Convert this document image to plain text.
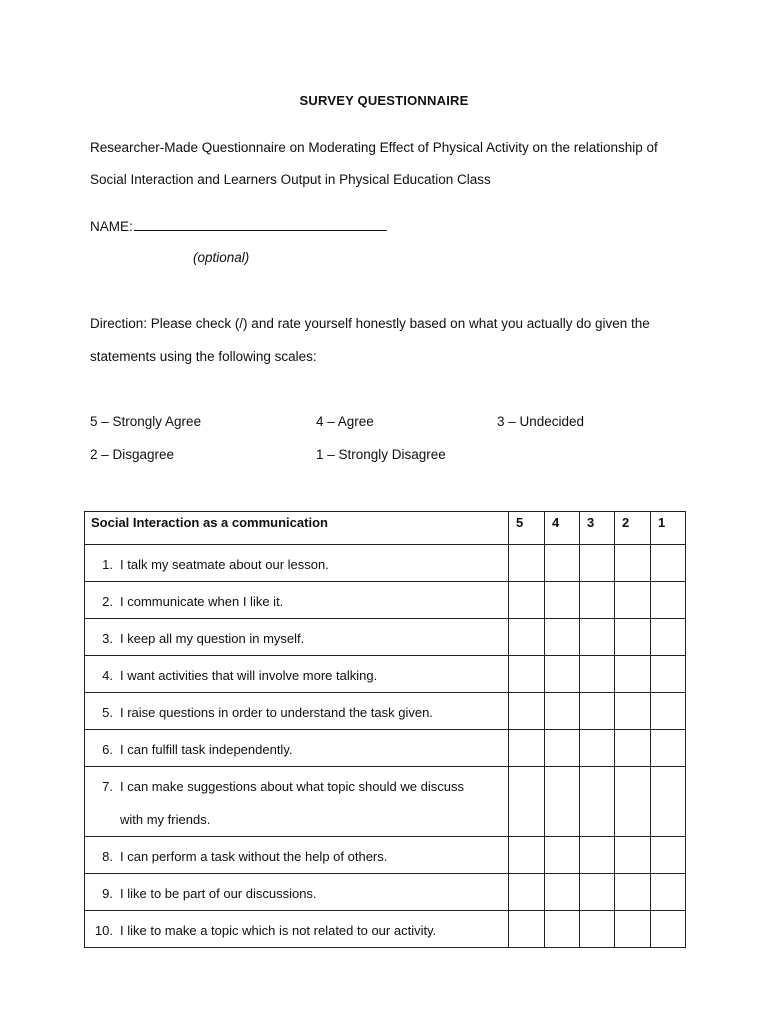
SURVEY QUESTIONNAIRE
Researcher-Made Questionnaire on Moderating Effect of Physical Activity on the relationship of
Social Interaction and Learners Output in Physical Education Class
NAME:
(optional)
Direction: Please check (/) and rate yourself honestly based on what you actually do given the
statements using the following scales:
5 – Strongly Agree	4 – Agree	3 – Undecided
2 – Disgagree	1 – Strongly Disagree
Social Interaction as a communication	5	4	3	2	1
1. I talk my seatmate about our lesson.					
2. I communicate when I like it.					
3. I keep all my question in myself.					
4. I want activities that will involve more talking.					
5. I raise questions in order to understand the task given.					
6. I can fulfill task independently.					
7. I can make suggestions about what topic should we discuss
with my friends.					

8. I can perform a task without the help of others.					
9. I like to be part of our discussions.					
10. I like to make a topic which is not related to our activity.					
